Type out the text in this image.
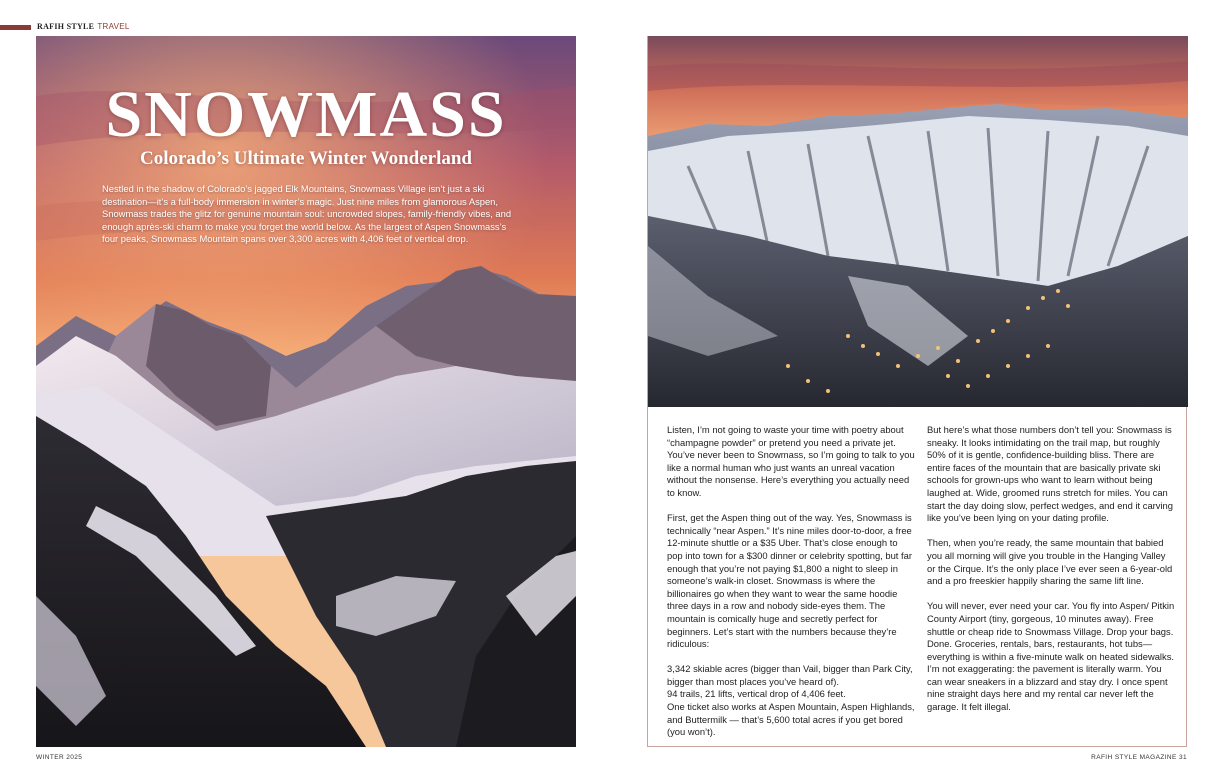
RAFIH STYLE TRAVEL
SNOWMASS
Colorado’s Ultimate Winter Wonderland
Nestled in the shadow of Colorado’s jagged Elk Mountains, Snowmass Village isn’t just a ski destination—it’s a full-body immersion in winter’s magic. Just nine miles from glamorous Aspen, Snowmass trades the glitz for genuine mountain soul: uncrowded slopes, family-friendly vibes, and enough après-ski charm to make you forget the world below. As the largest of Aspen Snowmass’s four peaks, Snowmass Mountain spans over 3,300 acres with 4,406 feet of vertical drop.

Listen, I’m not going to waste your time with poetry about “champagne powder” or pretend you need a private jet. You’ve never been to Snowmass, so I’m going to talk to you like a normal human who just wants an unreal vacation without the nonsense. Here’s everything you actually need to know.

First, get the Aspen thing out of the way. Yes, Snowmass is technically “near Aspen.” It’s nine miles door-to-door, a free 12-minute shuttle or a $35 Uber. That’s close enough to pop into town for a $300 dinner or celebrity spotting, but far enough that you’re not paying $1,800 a night to sleep in someone’s walk-in closet. Snowmass is where the billionaires go when they want to wear the same hoodie three days in a row and nobody side-eyes them. The mountain is comically huge and secretly perfect for beginners. Let’s start with the numbers because they’re ridiculous:

3,342 skiable acres (bigger than Vail, bigger than Park City, bigger than most places you’ve heard of).
94 trails, 21 lifts, vertical drop of 4,406 feet.
One ticket also works at Aspen Mountain, Aspen Highlands, and Buttermilk — that’s 5,600 total acres if you get bored (you won’t).

But here’s what those numbers don’t tell you: Snowmass is sneaky. It looks intimidating on the trail map, but roughly 50% of it is gentle, confidence-building bliss. There are entire faces of the mountain that are basically private ski schools for grown-ups who want to learn without being laughed at. Wide, groomed runs stretch for miles. You can start the day doing slow, perfect wedges, and end it carving like you’ve been lying on your dating profile.

Then, when you’re ready, the same mountain that babied you all morning will give you trouble in the Hanging Valley or the Cirque. It’s the only place I’ve ever seen a 6-year-old and a pro freeskier happily sharing the same lift line.

You will never, ever need your car. You fly into Aspen/ Pitkin County Airport (tiny, gorgeous, 10 minutes away). Free shuttle or cheap ride to Snowmass Village. Drop your bags. Done. Groceries, rentals, bars, restaurants, hot tubs—everything is within a five-minute walk on heated sidewalks. I’m not exaggerating: the pavement is literally warm. You can wear sneakers in a blizzard and stay dry. I once spent nine straight days here and my rental car never left the garage. It felt illegal.

WINTER 2025	RAFIH STYLE MAGAZINE 31
